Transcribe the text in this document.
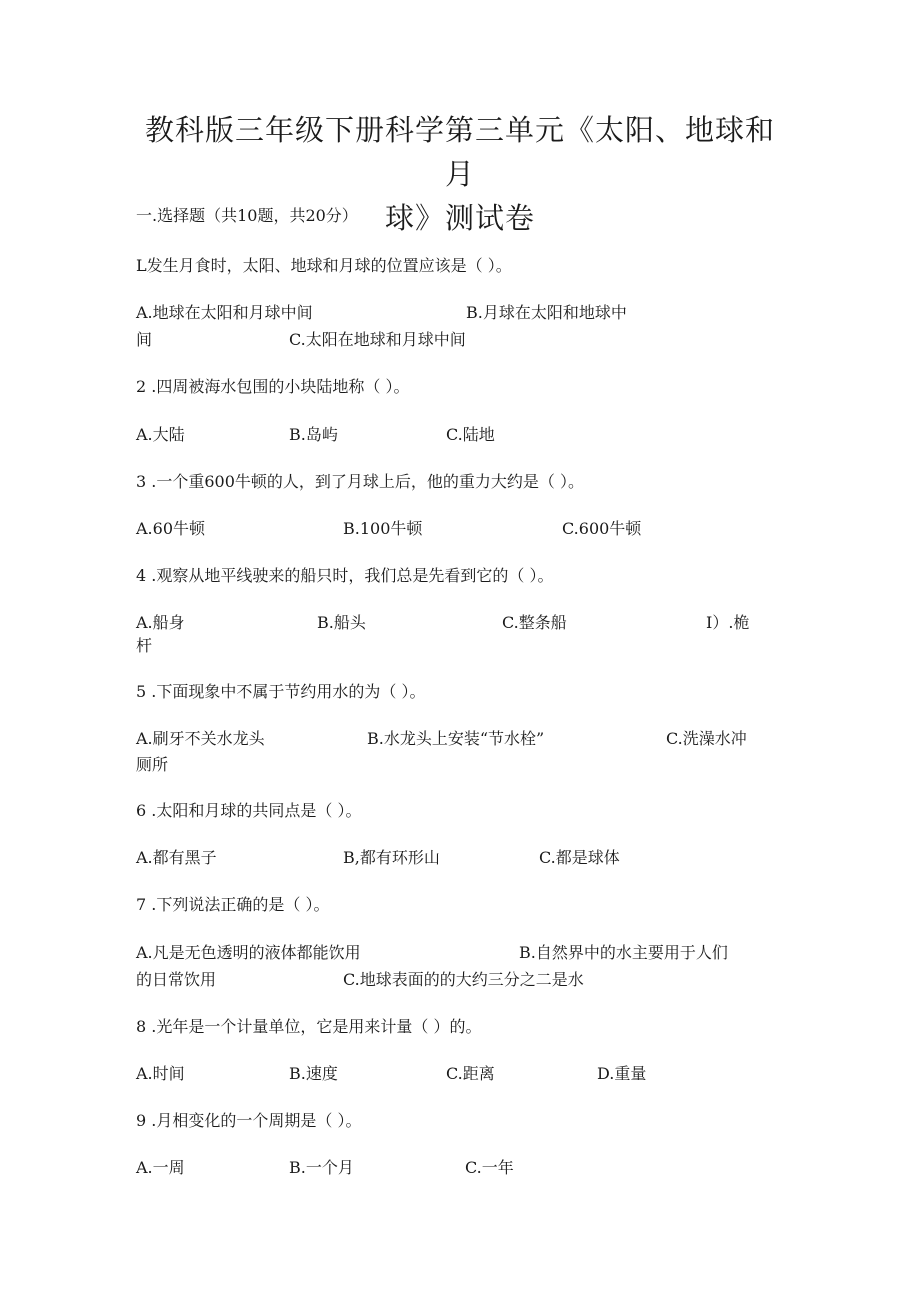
教科版三年级下册科学第三单元《太阳、地球和月
球》测试卷
一.选择题（共10题，共20分）
L发生月食时，太阳、地球和月球的位置应该是（ ）。
A.地球在太阳和月球中间	B.月球在太阳和地球中
间	C.太阳在地球和月球中间
2 .四周被海水包围的小块陆地称（ ）。
A.大陆	B.岛屿	C.陆地
3 .一个重600牛顿的人，到了月球上后，他的重力大约是（ ）。
A.60牛顿	B.100牛顿	C.600牛顿
4 .观察从地平线驶来的船只时，我们总是先看到它的（ ）。
A.船身	B.船头	C.整条船	I）.桅
杆
5 .下面现象中不属于节约用水的为（ ）。
A.刷牙不关水龙头	B.水龙头上安装“节水栓”	C.洗澡水冲
厕所
6 .太阳和月球的共同点是（ ）。
A.都有黑子	B,都有环形山	C.都是球体
7 .下列说法正确的是（ ）。
A.凡是无色透明的液体都能饮用	B.自然界中的水主要用于人们
的日常饮用	C.地球表面的的大约三分之二是水
8 .光年是一个计量单位，它是用来计量（ ）的。
A.时间	B.速度	C.距离	D.重量
9 .月相变化的一个周期是（ ）。
A.一周	B.一个月	C.一年
